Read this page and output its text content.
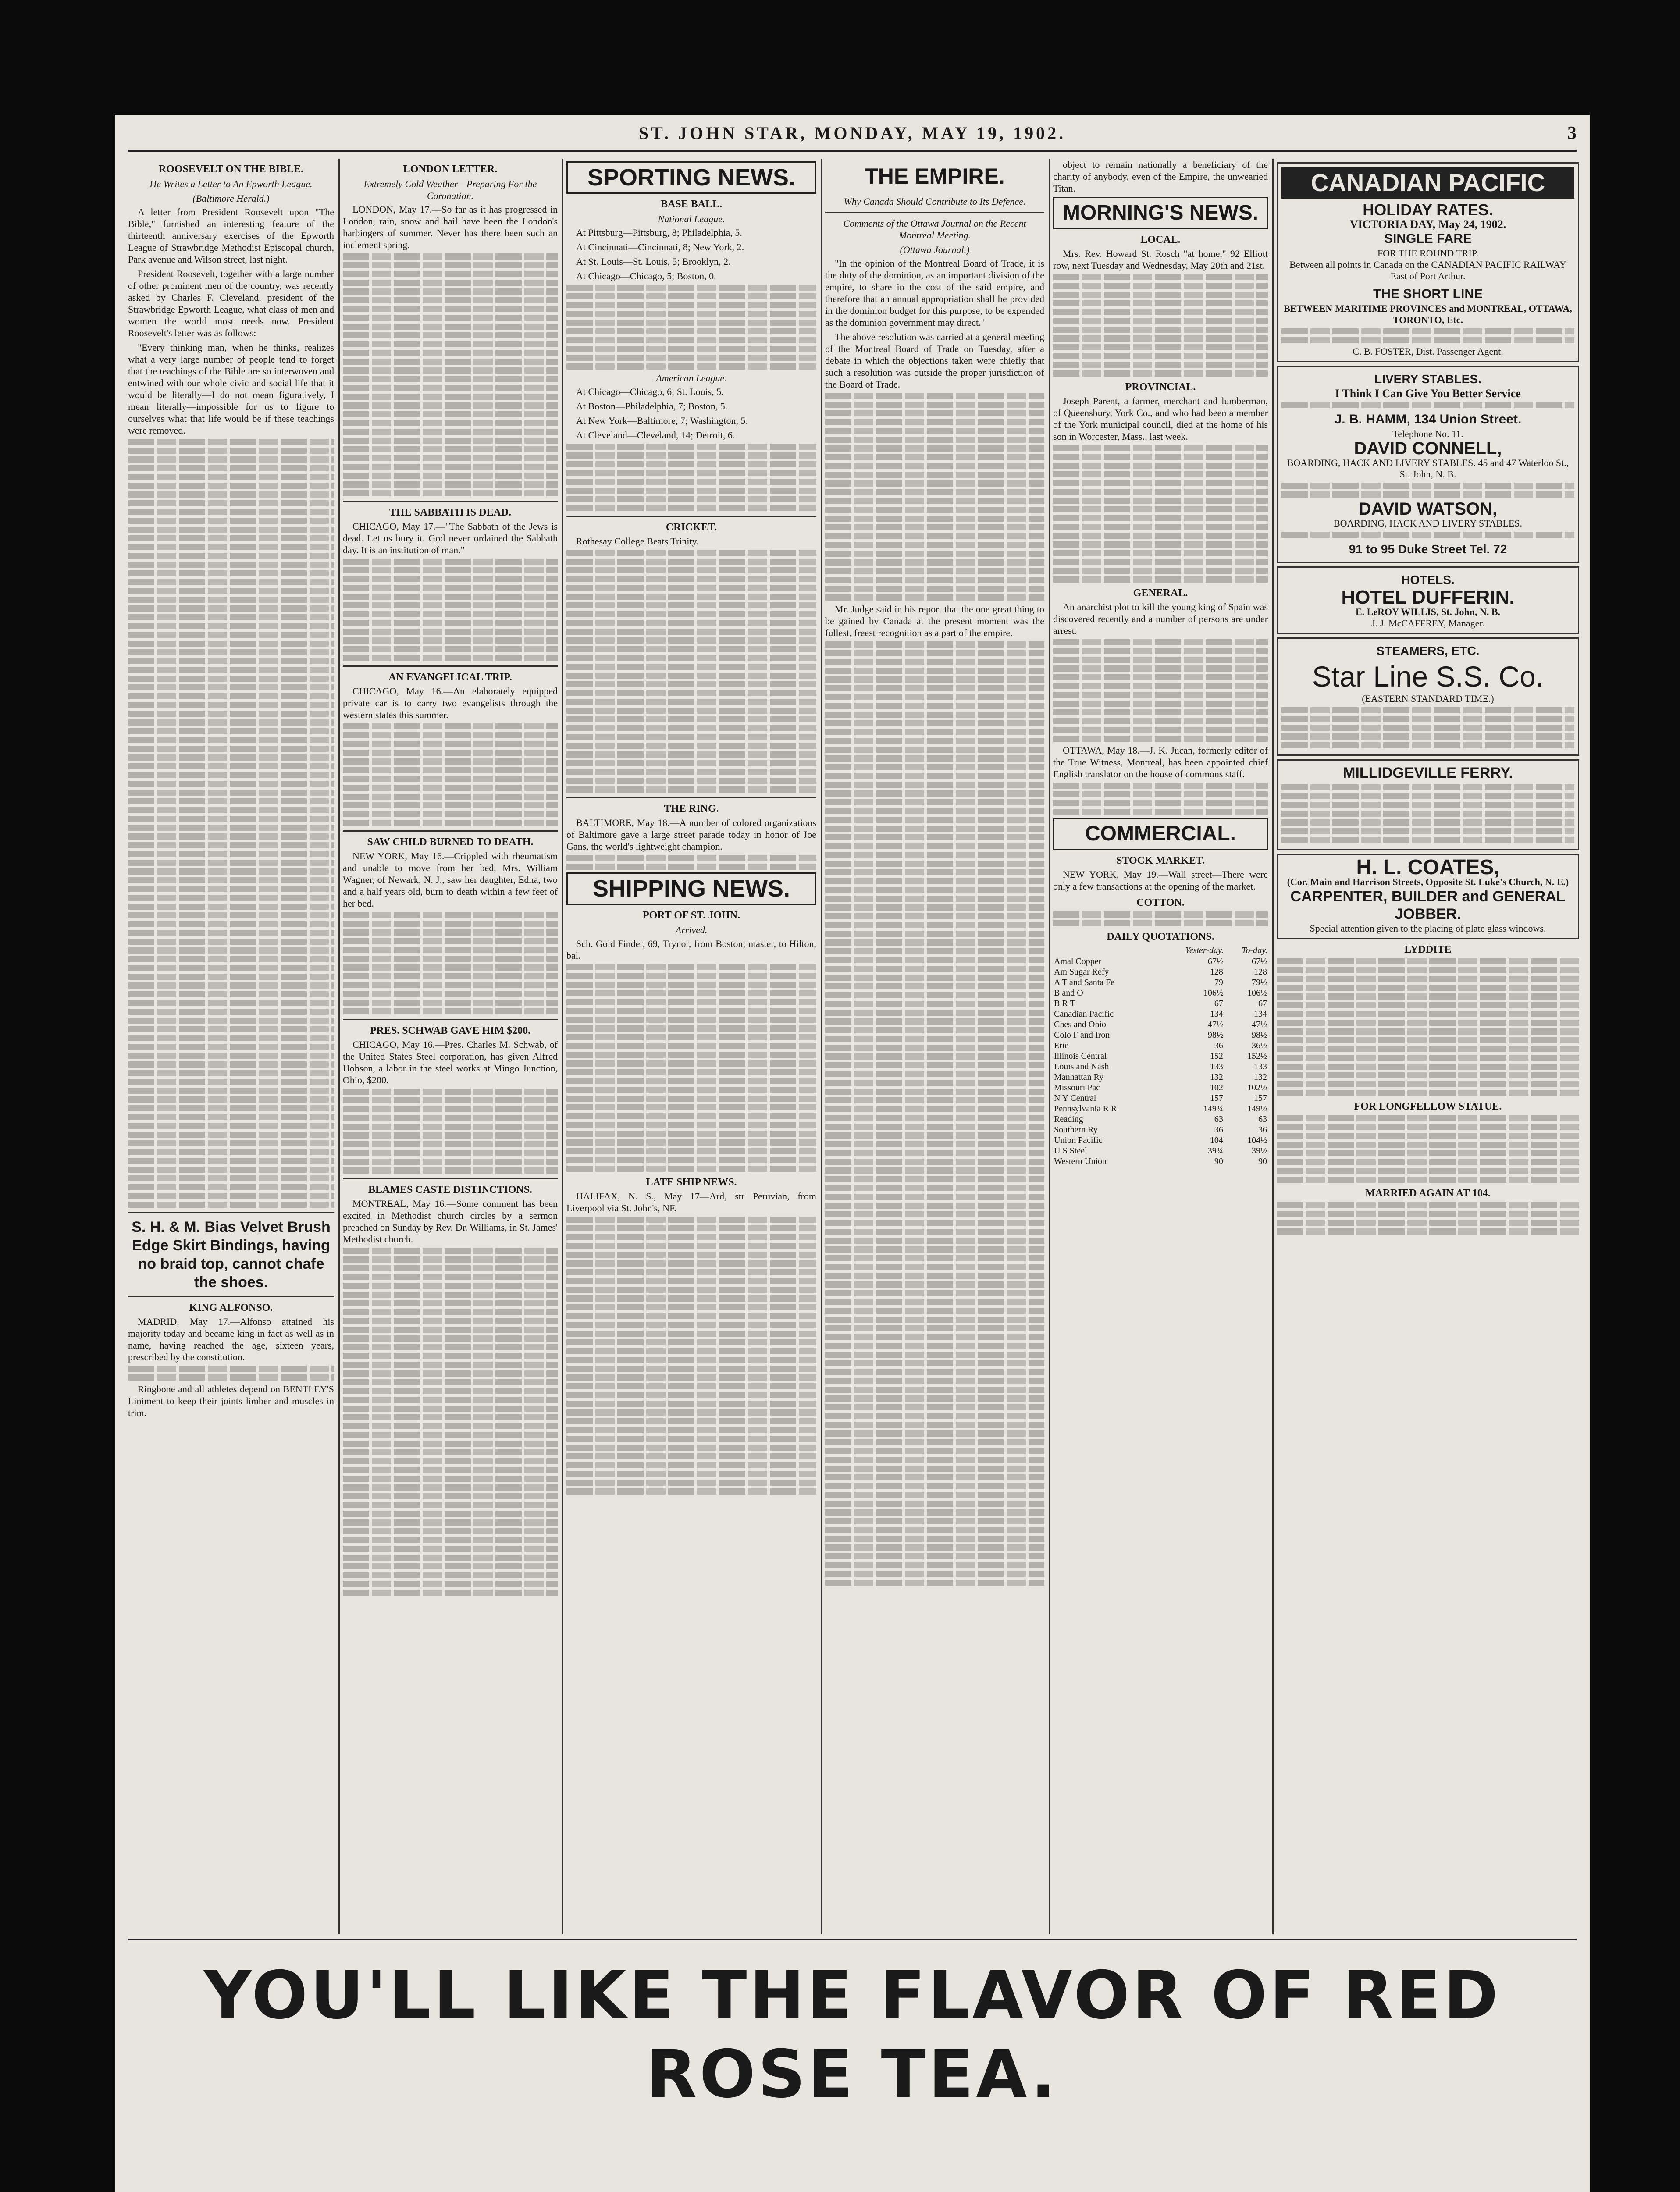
ST. JOHN STAR, MONDAY, MAY 19, 1902.	3
ROOSEVELT ON THE BIBLE.
He Writes a Letter to An Epworth League.
(Baltimore Herald.)

A letter from President Roosevelt upon "The Bible," furnished an interesting feature of the thirteenth anniversary exercises of the Epworth League of Strawbridge Methodist Episcopal church, Park avenue and Wilson street, last night.

President Roosevelt, together with a large number of other prominent men of the country, was recently asked by Charles F. Cleveland, president of the Strawbridge Epworth League, what class of men and women the world most needs now. President Roosevelt's letter was as follows:

"Every thinking man, when he thinks, realizes what a very large number of people tend to forget that the teachings of the Bible are so interwoven and entwined with our whole civic and social life that it would be literally—I do not mean figuratively, I mean literally—impossible for us to figure to ourselves what that life would be if these teachings were removed.

S. H. & M. Bias Velvet Brush Edge Skirt Bindings, having no braid top, cannot chafe the shoes.
KING ALFONSO.

MADRID, May 17.—Alfonso attained his majority today and became king in fact as well as in name, having reached the age, sixteen years, prescribed by the constitution.

Ringbone and all athletes depend on BENTLEY'S Liniment to keep their joints limber and muscles in trim.

LONDON LETTER.
Extremely Cold Weather—Preparing For the Coronation.

LONDON, May 17.—So far as it has progressed in London, rain, snow and hail have been the London's harbingers of summer. Never has there been such an inclement spring.

THE SABBATH IS DEAD.

CHICAGO, May 17.—"The Sabbath of the Jews is dead. Let us bury it. God never ordained the Sabbath day. It is an institution of man."

AN EVANGELICAL TRIP.

CHICAGO, May 16.—An elaborately equipped private car is to carry two evangelists through the western states this summer.

SAW CHILD BURNED TO DEATH.

NEW YORK, May 16.—Crippled with rheumatism and unable to move from her bed, Mrs. William Wagner, of Newark, N. J., saw her daughter, Edna, two and a half years old, burn to death within a few feet of her bed.

PRES. SCHWAB GAVE HIM $200.

CHICAGO, May 16.—Pres. Charles M. Schwab, of the United States Steel corporation, has given Alfred Hobson, a labor in the steel works at Mingo Junction, Ohio, $200.

BLAMES CASTE DISTINCTIONS.

MONTREAL, May 16.—Some comment has been excited in Methodist church circles by a sermon preached on Sunday by Rev. Dr. Williams, in St. James' Methodist church.

SPORTING NEWS.
BASE BALL.
National League.

At Pittsburg—Pittsburg, 8; Philadelphia, 5.

At Cincinnati—Cincinnati, 8; New York, 2.

At St. Louis—St. Louis, 5; Brooklyn, 2.

At Chicago—Chicago, 5; Boston, 0.

American League.

At Chicago—Chicago, 6; St. Louis, 5.

At Boston—Philadelphia, 7; Boston, 5.

At New York—Baltimore, 7; Washington, 5.

At Cleveland—Cleveland, 14; Detroit, 6.

CRICKET.

Rothesay College Beats Trinity.

THE RING.

BALTIMORE, May 18.—A number of colored organizations of Baltimore gave a large street parade today in honor of Joe Gans, the world's lightweight champion.

SHIPPING NEWS.
PORT OF ST. JOHN.
Arrived.

Sch. Gold Finder, 69, Trynor, from Boston; master, to Hilton, bal.

LATE SHIP NEWS.

HALIFAX, N. S., May 17—Ard, str Peruvian, from Liverpool via St. John's, NF.

THE EMPIRE.
Why Canada Should Contribute to Its Defence.
Comments of the Ottawa Journal on the Recent Montreal Meeting.
(Ottawa Journal.)

"In the opinion of the Montreal Board of Trade, it is the duty of the dominion, as an important division of the empire, to share in the cost of the said empire, and therefore that an annual appropriation shall be provided in the dominion budget for this purpose, to be expended as the dominion government may direct."

The above resolution was carried at a general meeting of the Montreal Board of Trade on Tuesday, after a debate in which the objections taken were chiefly that such a resolution was outside the proper jurisdiction of the Board of Trade.

Mr. Judge said in his report that the one great thing to be gained by Canada at the present moment was the fullest, freest recognition as a part of the empire.

object to remain nationally a beneficiary of the charity of anybody, even of the Empire, the unwearied Titan.

MORNING'S NEWS.
LOCAL.

Mrs. Rev. Howard St. Rosch "at home," 92 Elliott row, next Tuesday and Wednesday, May 20th and 21st.

PROVINCIAL.

Joseph Parent, a farmer, merchant and lumberman, of Queensbury, York Co., and who had been a member of the York municipal council, died at the home of his son in Worcester, Mass., last week.

GENERAL.

An anarchist plot to kill the young king of Spain was discovered recently and a number of persons are under arrest.

OTTAWA, May 18.—J. K. Jucan, formerly editor of the True Witness, Montreal, has been appointed chief English translator on the house of commons staff.

COMMERCIAL.
STOCK MARKET.

NEW YORK, May 19.—Wall street—There were only a few transactions at the opening of the market.

COTTON.
DAILY QUOTATIONS.
	Yester-day.	To-day.
Amal Copper	67½	67½
Am Sugar Refy	128	128
A T and Santa Fe	79	79½
B and O	106½	106½
B R T	67	67
Canadian Pacific	134	134
Ches and Ohio	47½	47½
Colo F and Iron	98½	98½
Erie	36	36½
Illinois Central	152	152½
Louis and Nash	133	133
Manhattan Ry	132	132
Missouri Pac	102	102½
N Y Central	157	157
Pennsylvania R R	149¾	149½
Reading	63	63
Southern Ry	36	36
Union Pacific	104	104½
U S Steel	39¾	39½
Western Union	90	90
CANADIAN PACIFIC
HOLIDAY RATES.
VICTORIA DAY, May 24, 1902.
SINGLE FARE
FOR THE ROUND TRIP.
Between all points in Canada on the CANADIAN PACIFIC RAILWAY East of Port Arthur.
THE SHORT LINE
BETWEEN MARITIME PROVINCES and MONTREAL, OTTAWA, TORONTO, Etc.
C. B. FOSTER, Dist. Passenger Agent.
LIVERY STABLES.
I Think I Can Give You Better Service
J. B. HAMM, 134 Union Street.
Telephone No. 11.
DAVID CONNELL,
BOARDING, HACK AND LIVERY STABLES. 45 and 47 Waterloo St., St. John, N. B.
DAVID WATSON,
BOARDING, HACK AND LIVERY STABLES.
91 to 95 Duke Street Tel. 72
HOTELS.
HOTEL DUFFERIN.
E. LeROY WILLIS, St. John, N. B.
J. J. McCAFFREY, Manager.
STEAMERS, ETC.
Star Line S.S. Co.
(EASTERN STANDARD TIME.)
MILLIDGEVILLE FERRY.
H. L. COATES,
(Cor. Main and Harrison Streets, Opposite St. Luke's Church, N. E.)
CARPENTER, BUILDER and GENERAL JOBBER.
Special attention given to the placing of plate glass windows.
LYDDITE
FOR LONGFELLOW STATUE.
MARRIED AGAIN AT 104.
YOU'LL LIKE THE FLAVOR OF RED ROSE TEA.
